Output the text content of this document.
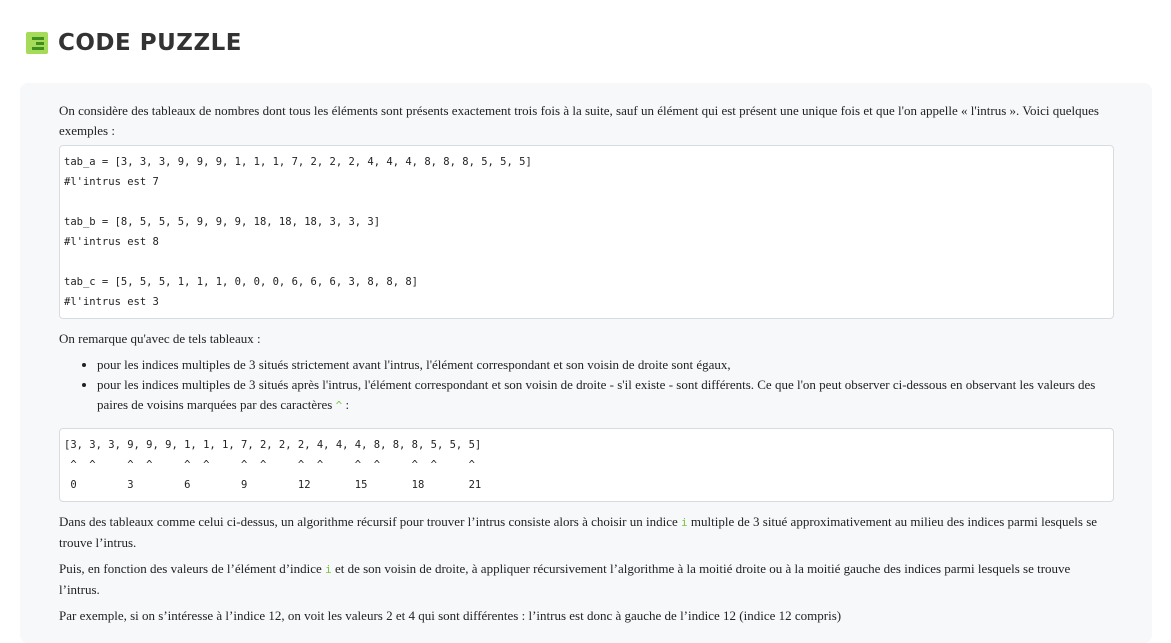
CODE PUZZLE

On considère des tableaux de nombres dont tous les éléments sont présents exactement trois fois à la suite, sauf un élément qui est présent une unique fois et que l'on appelle « l'intrus ». Voici quelques exemples :

tab_a = [3, 3, 3, 9, 9, 9, 1, 1, 1, 7, 2, 2, 2, 4, 4, 4, 8, 8, 8, 5, 5, 5]
#l'intrus est 7

tab_b = [8, 5, 5, 5, 9, 9, 9, 18, 18, 18, 3, 3, 3]
#l'intrus est 8

tab_c = [5, 5, 5, 1, 1, 1, 0, 0, 0, 6, 6, 6, 3, 8, 8, 8]
#l'intrus est 3

On remarque qu'avec de tels tableaux :

• pour les indices multiples de 3 situés strictement avant l'intrus, l'élément correspondant et son voisin de droite sont égaux,
• pour les indices multiples de 3 situés après l'intrus, l'élément correspondant et son voisin de droite - s'il existe - sont différents. Ce que l'on peut observer ci-dessous en observant les valeurs des paires de voisins marquées par des caractères ^ :
[3, 3, 3, 9, 9, 9, 1, 1, 1, 7, 2, 2, 2, 4, 4, 4, 8, 8, 8, 5, 5, 5]
^  ^     ^  ^     ^  ^     ^  ^     ^  ^     ^  ^     ^  ^     ^
0        3        6        9        12       15       18       21

Dans des tableaux comme celui ci-dessus, un algorithme récursif pour trouver l’intrus consiste alors à choisir un indice i multiple de 3 situé approximativement au milieu des indices parmi lesquels se trouve l’intrus.

Puis, en fonction des valeurs de l’élément d’indice i et de son voisin de droite, à appliquer récursivement l’algorithme à la moitié droite ou à la moitié gauche des indices parmi lesquels se trouve l’intrus.

Par exemple, si on s’intéresse à l’indice 12, on voit les valeurs 2 et 4 qui sont différentes : l’intrus est donc à gauche de l’indice 12 (indice 12 compris)
